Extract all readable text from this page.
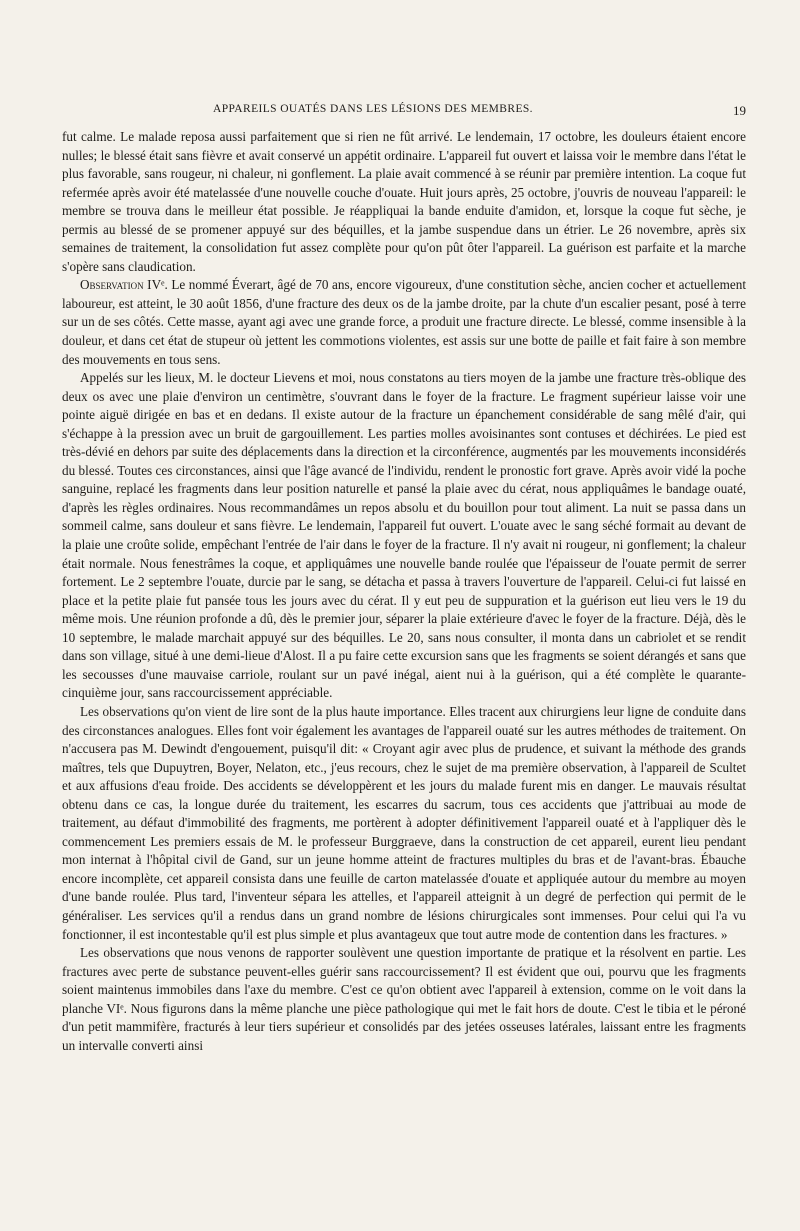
APPAREILS OUATÉS DANS LES LÉSIONS DES MEMBRES.	19

fut calme. Le malade reposa aussi parfaitement que si rien ne fût arrivé. Le lendemain, 17 octobre, les douleurs étaient encore nulles; le blessé était sans fièvre et avait conservé un appétit ordinaire. L'appareil fut ouvert et laissa voir le membre dans l'état le plus favorable, sans rougeur, ni chaleur, ni gonflement. La plaie avait commencé à se réunir par première intention. La coque fut refermée après avoir été matelassée d'une nouvelle couche d'ouate. Huit jours après, 25 octobre, j'ouvris de nouveau l'appareil: le membre se trouva dans le meilleur état possible. Je réappliquai la bande enduite d'amidon, et, lorsque la coque fut sèche, je permis au blessé de se promener appuyé sur des béquilles, et la jambe suspendue dans un étrier. Le 26 novembre, après six semaines de traitement, la consolidation fut assez complète pour qu'on pût ôter l'appareil. La guérison est parfaite et la marche s'opère sans claudication.

Observation IVᵉ. Le nommé Éverart, âgé de 70 ans, encore vigoureux, d'une constitution sèche, ancien cocher et actuellement laboureur, est atteint, le 30 août 1856, d'une fracture des deux os de la jambe droite, par la chute d'un escalier pesant, posé à terre sur un de ses côtés. Cette masse, ayant agi avec une grande force, a produit une fracture directe. Le blessé, comme insensible à la douleur, et dans cet état de stupeur où jettent les commotions violentes, est assis sur une botte de paille et fait faire à son membre des mouvements en tous sens.

Appelés sur les lieux, M. le docteur Lievens et moi, nous constatons au tiers moyen de la jambe une fracture très-oblique des deux os avec une plaie d'environ un centimètre, s'ouvrant dans le foyer de la fracture. Le fragment supérieur laisse voir une pointe aiguë dirigée en bas et en dedans. Il existe autour de la fracture un épanchement considérable de sang mêlé d'air, qui s'échappe à la pression avec un bruit de gargouillement. Les parties molles avoisinantes sont contuses et déchirées. Le pied est très-dévié en dehors par suite des déplacements dans la direction et la circonférence, augmentés par les mouvements inconsidérés du blessé. Toutes ces circonstances, ainsi que l'âge avancé de l'individu, rendent le pronostic fort grave. Après avoir vidé la poche sanguine, replacé les fragments dans leur position naturelle et pansé la plaie avec du cérat, nous appliquâmes le bandage ouaté, d'après les règles ordinaires. Nous recommandâmes un repos absolu et du bouillon pour tout aliment. La nuit se passa dans un sommeil calme, sans douleur et sans fièvre. Le lendemain, l'appareil fut ouvert. L'ouate avec le sang séché formait au devant de la plaie une croûte solide, empêchant l'entrée de l'air dans le foyer de la fracture. Il n'y avait ni rougeur, ni gonflement; la chaleur était normale. Nous fenestrâmes la coque, et appliquâmes une nouvelle bande roulée que l'épaisseur de l'ouate permit de serrer fortement. Le 2 septembre l'ouate, durcie par le sang, se détacha et passa à travers l'ouverture de l'appareil. Celui-ci fut laissé en place et la petite plaie fut pansée tous les jours avec du cérat. Il y eut peu de suppuration et la guérison eut lieu vers le 19 du même mois. Une réunion profonde a dû, dès le premier jour, séparer la plaie extérieure d'avec le foyer de la fracture. Déjà, dès le 10 septembre, le malade marchait appuyé sur des béquilles. Le 20, sans nous consulter, il monta dans un cabriolet et se rendit dans son village, situé à une demi-lieue d'Alost. Il a pu faire cette excursion sans que les fragments se soient dérangés et sans que les secousses d'une mauvaise carriole, roulant sur un pavé inégal, aient nui à la guérison, qui a été complète le quarante-cinquième jour, sans raccourcissement appréciable.

Les observations qu'on vient de lire sont de la plus haute importance. Elles tracent aux chirurgiens leur ligne de conduite dans des circonstances analogues. Elles font voir également les avantages de l'appareil ouaté sur les autres méthodes de traitement. On n'accusera pas M. Dewindt d'engouement, puisqu'il dit: « Croyant agir avec plus de prudence, et suivant la méthode des grands maîtres, tels que Dupuytren, Boyer, Nelaton, etc., j'eus recours, chez le sujet de ma première observation, à l'appareil de Scultet et aux affusions d'eau froide. Des accidents se développèrent et les jours du malade furent mis en danger. Le mauvais résultat obtenu dans ce cas, la longue durée du traitement, les escarres du sacrum, tous ces accidents que j'attribuai au mode de traitement, au défaut d'immobilité des fragments, me portèrent à adopter définitivement l'appareil ouaté et à l'appliquer dès le commencement Les premiers essais de M. le professeur Burggraeve, dans la construction de cet appareil, eurent lieu pendant mon internat à l'hôpital civil de Gand, sur un jeune homme atteint de fractures multiples du bras et de l'avant-bras. Ébauche encore incomplète, cet appareil consista dans une feuille de carton matelassée d'ouate et appliquée autour du membre au moyen d'une bande roulée. Plus tard, l'inventeur sépara les attelles, et l'appareil atteignit à un degré de perfection qui permit de le généraliser. Les services qu'il a rendus dans un grand nombre de lésions chirurgicales sont immenses. Pour celui qui l'a vu fonctionner, il est incontestable qu'il est plus simple et plus avantageux que tout autre mode de contention dans les fractures. »

Les observations que nous venons de rapporter soulèvent une question importante de pratique et la résolvent en partie. Les fractures avec perte de substance peuvent-elles guérir sans raccourcissement? Il est évident que oui, pourvu que les fragments soient maintenus immobiles dans l'axe du membre. C'est ce qu'on obtient avec l'appareil à extension, comme on le voit dans la planche VIᵉ. Nous figurons dans la même planche une pièce pathologique qui met le fait hors de doute. C'est le tibia et le péroné d'un petit mammifère, fracturés à leur tiers supérieur et consolidés par des jetées osseuses latérales, laissant entre les fragments un intervalle converti ainsi
